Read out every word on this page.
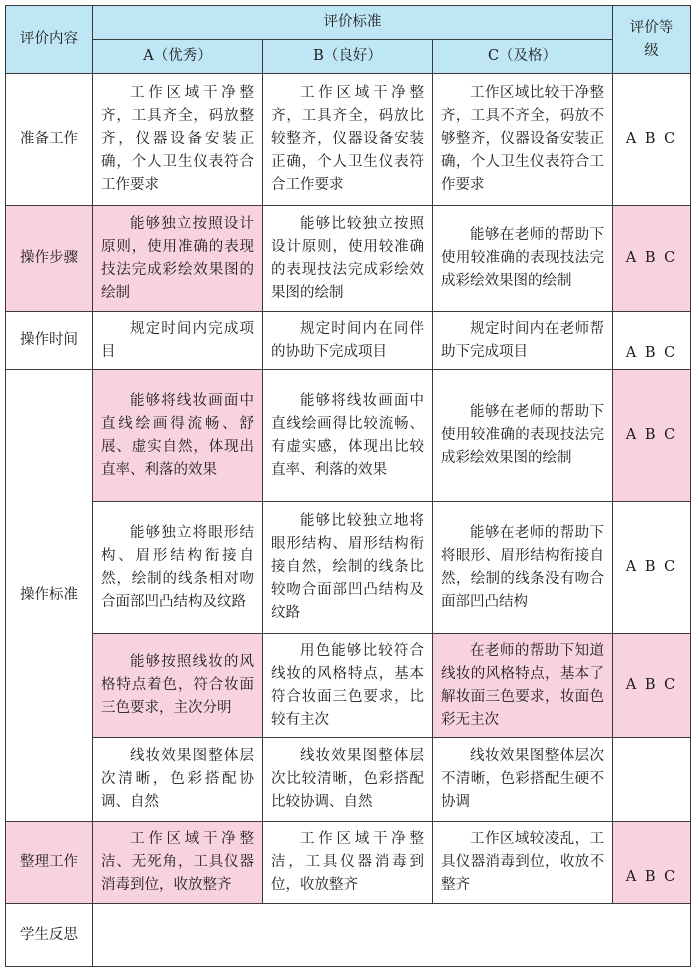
评价内容	评价标准			评价等级
	A（优秀）	B（良好）	C（及格）	
准备工作	工作区域干净整齐，工具齐全，码放整齐，仪器设备安装正确，个人卫生仪表符合工作要求	工作区域干净整齐，工具齐全，码放比较整齐，仪器设备安装正确，个人卫生仪表符合工作要求	工作区域比较干净整齐，工具不齐全，码放不够整齐，仪器设备安装正确，个人卫生仪表符合工作要求	A B C
操作步骤	能够独立按照设计原则，使用准确的表现技法完成彩绘效果图的绘制	能够比较独立按照设计原则，使用较准确的表现技法完成彩绘效果图的绘制	能够在老师的帮助下使用较准确的表现技法完成彩绘效果图的绘制	A B C
操作时间	规定时间内完成项目	规定时间内在同伴的协助下完成项目	规定时间内在老师帮助下完成项目	A B C
操作标准	能够将线妆画面中直线绘画得流畅、舒展、虚实自然，体现出直率、利落的效果	能够将线妆画面中直线绘画得比较流畅、有虚实感，体现出比较直率、利落的效果	能够在老师的帮助下使用较准确的表现技法完成彩绘效果图的绘制	A B C
	能够独立将眼形结构、眉形结构衔接自然，绘制的线条相对吻合面部凹凸结构及纹路	能够比较独立地将眼形结构、眉形结构衔接自然，绘制的线条比较吻合面部凹凸结构及纹路	能够在老师的帮助下将眼形、眉形结构衔接自然，绘制的线条没有吻合面部凹凸结构	A B C
	能够按照线妆的风格特点着色，符合妆面三色要求，主次分明	用色能够比较符合线妆的风格特点，基本符合妆面三色要求，比较有主次	在老师的帮助下知道线妆的风格特点，基本了解妆面三色要求，妆面色彩无主次	A B C
	线妆效果图整体层次清晰，色彩搭配协调、自然	线妆效果图整体层次比较清晰，色彩搭配比较协调、自然	线妆效果图整体层次不清晰，色彩搭配生硬不协调	
整理工作	工作区域干净整洁、无死角，工具仪器消毒到位，收放整齐	工作区域干净整洁，工具仪器消毒到位，收放整齐	工作区域较凌乱，工具仪器消毒到位，收放不整齐	A B C
学生反思				
